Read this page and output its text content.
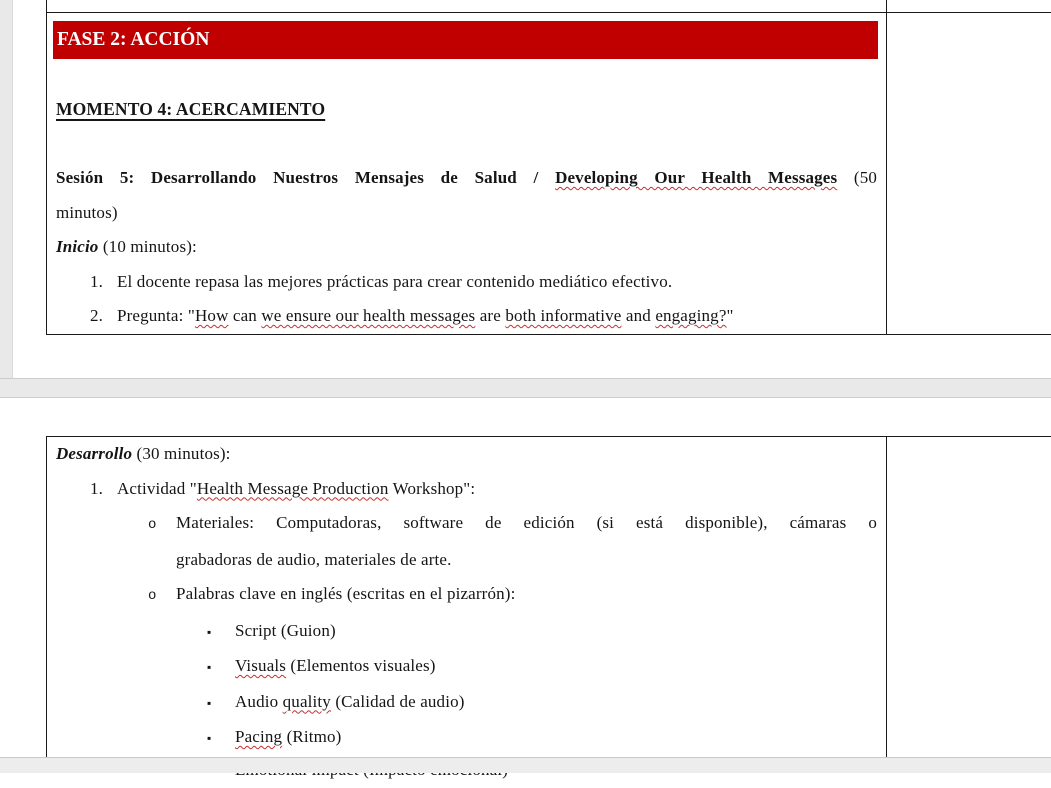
FASE 2: ACCIÓN

MOMENTO 4: ACERCAMIENTO

Sesión 5: Desarrollando Nuestros Mensajes de Salud / Developing Our Health Messages (50

minutos)

Inicio (10 minutos):

1. El docente repasa las mejores prácticas para crear contenido mediático efectivo.

2. Pregunta: "How can we ensure our health messages are both informative and engaging?"

Desarrollo (30 minutos):

1. Actividad "Health Message Production Workshop":

o Materiales: Computadoras, software de edición (si está disponible), cámaras o

grabadoras de audio, materiales de arte.

o Palabras clave en inglés (escritas en el pizarrón):

▪ Script (Guion)

▪ Visuals (Elementos visuales)

▪ Audio quality (Calidad de audio)

▪ Pacing (Ritmo)
